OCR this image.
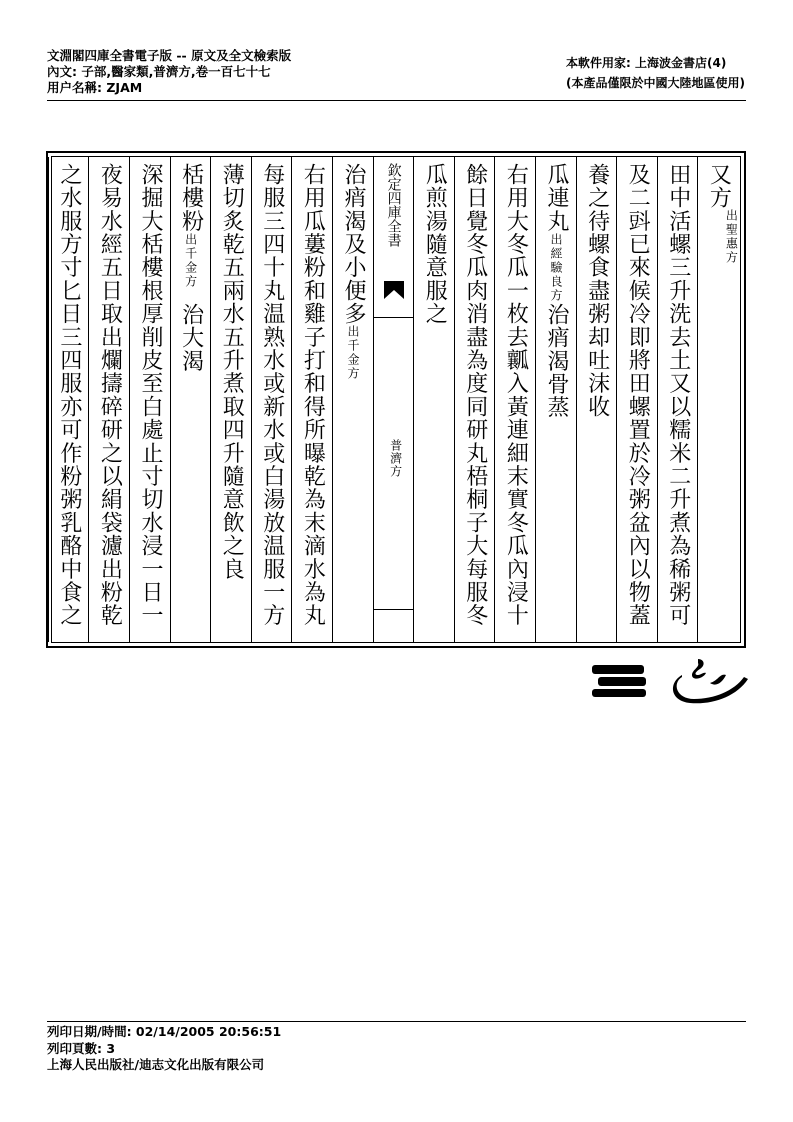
文淵閣四庫全書電子版 -- 原文及全文檢索版
內文: 子部,醫家類,普濟方,卷一百七十七
用户名稱: ZJAM
本軟件用家: 上海波金書店(4)
(本產品僅限於中國大陸地區使用)
又方出聖惠方
田中活螺三升洗去土又以糯米二升煮為稀粥可
及二㪷已來候冷即將田螺置於冷粥盆內以物蓋
養之待螺食盡粥却吐沫收
瓜連丸出經驗良方治痟渴骨蒸
右用大冬瓜一枚去瓤入黃連細末實冬瓜內浸十
餘日覺冬瓜肉消盡為度同研丸梧桐子大每服冬
瓜煎湯隨意服之
欽定四庫全書
普濟方
治痟渴及小便多出千金方
右用瓜蔞粉和雞子打和得所曝乾為末滴水為丸
每服三四十丸温熟水或新水或白湯放温服一方
薄切炙乾五兩水五升煮取四升隨意飲之良
栝樓粉出千金方治大渴
深掘大栝樓根厚削皮至白處止寸切水浸一日一
夜易水經五日取出爛擣碎研之以絹袋濾出粉乾
之水服方寸匕日三四服亦可作粉粥乳酪中食之
列印日期/時間: 02/14/2005 20:56:51
列印頁數: 3
上海人民出版社/迪志文化出版有限公司
